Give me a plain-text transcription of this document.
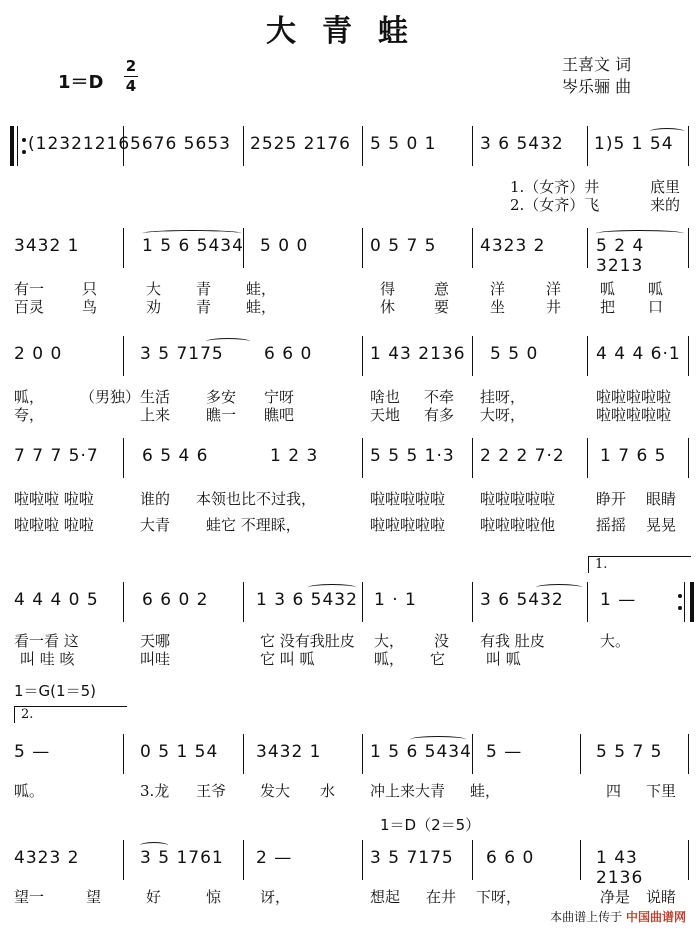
大青蛙
1＝D
2
4
王喜文 词
岑乐骊 曲
(12321216 5676 5653 2525 2176 5 5 0 1	3 6 5432 1)5 1 54
1.（女齐）井	底里
2.（女齐）飞	来的
3432 1	1 5 6 5434 5 0 0	0 5 7 5	4323 2	5 2 4 3213
有一	只	大 青 蛙，	得	意	洋	洋	呱 呱
百灵	鸟	劝 青 蛙，	休	要	坐	井	把 口
2 0 0	3 5 7175 6 6 0	1 43 2136 5 5 0	4 4 4 6·1
呱， （男独）生活 多安 宁呀	啥也 不牵 挂呀，	啦啦啦啦啦
夸，	上来 瞧一 瞧吧	天地 有多 大呀，	啦啦啦啦啦
7 7 7 5·7	6 5 4 6	1 2 3	5 5 5 1·3 2 2 2 7·2 1 7 6 5
啦啦啦 啦啦	谁的 本领也比不过我，	啦啦啦啦啦 啦啦啦啦啦	睁开 眼睛
啦啦啦 啦啦	大青 蛙它 不理睬，	啦啦啦啦啦 啦啦啦啦他	摇摇 晃晃
1.
4 4 4 0 5	6 6 0 2	1 3 6 5432 1 · 1	3 6 5432 1 —
看一看 这	天哪	它 没有我肚皮 大， 没 有我 肚皮	大。
叫 哇 咳	叫哇	它 叫 呱	呱， 它	叫 呱
1＝G(1＝5)
2.
5 —	0 5 1 54 3432 1	1 5 6 5434 5 —	5 5 7 5
呱。	3.龙 王爷 发大 水 冲上来大青 蛙，	四 下里
1＝D（2＝5）
4323 2	3 5 1761 2 —	3 5 7175 6 6 0	1 43 2136
望一	望	好	惊	讶，	想起 在井 下呀，	净是 说睹
本曲谱上传于 中国曲谱网
